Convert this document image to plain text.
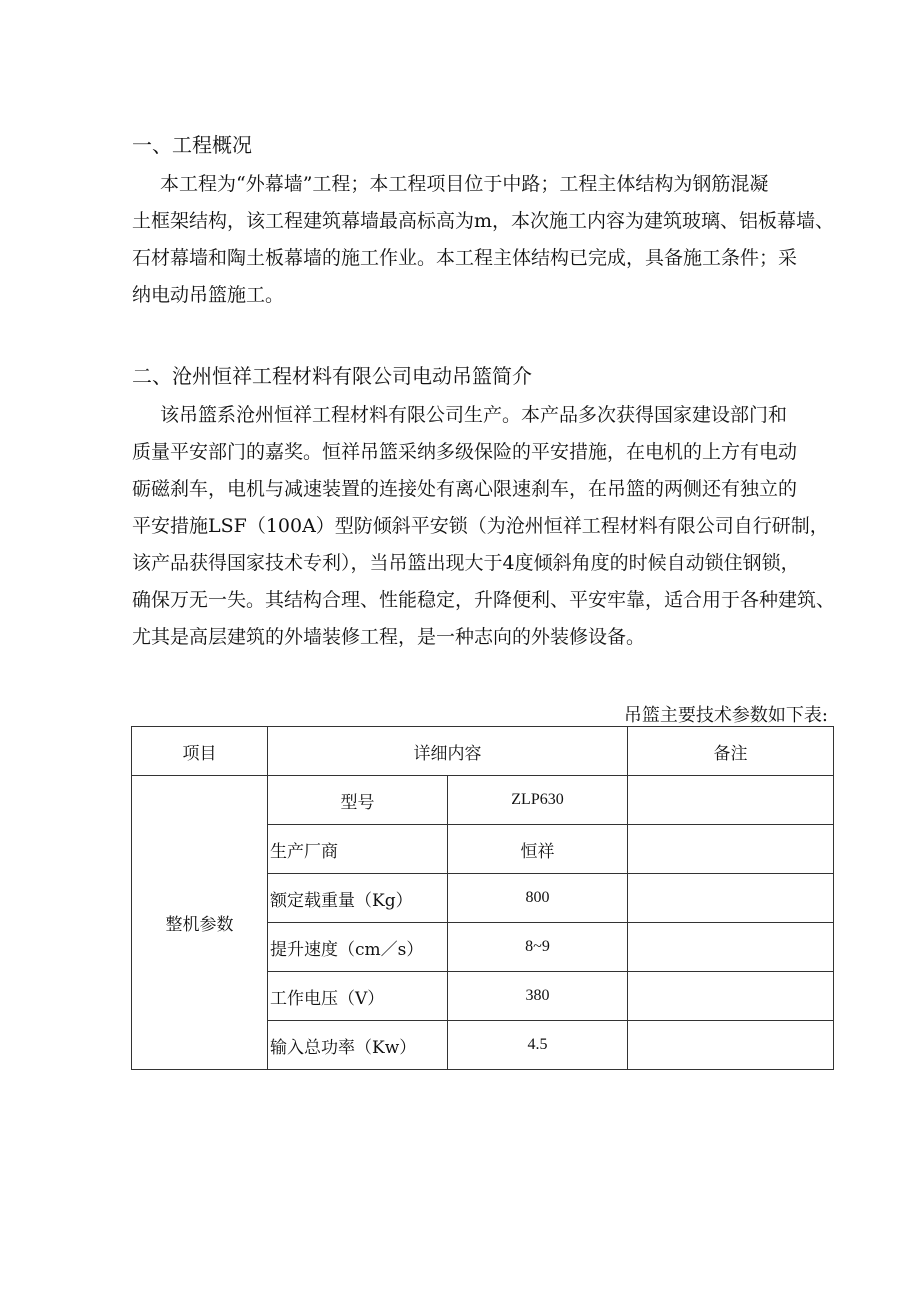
一、工程概况
本工程为“外幕墙”工程；本工程项目位于中路；工程主体结构为钢筋混凝
土框架结构，该工程建筑幕墙最高标高为m，本次施工内容为建筑玻璃、铝板幕墙、
石材幕墙和陶土板幕墙的施工作业。本工程主体结构已完成，具备施工条件；采
纳电动吊篮施工。
二、沧州恒祥工程材料有限公司电动吊篮简介
该吊篮系沧州恒祥工程材料有限公司生产。本产品多次获得国家建设部门和
质量平安部门的嘉奖。恒祥吊篮采纳多级保险的平安措施，在电机的上方有电动
砺磁刹车，电机与减速装置的连接处有离心限速刹车，在吊篮的两侧还有独立的
平安措施LSF（100A）型防倾斜平安锁（为沧州恒祥工程材料有限公司自行研制，
该产品获得国家技术专利），当吊篮出现大于4度倾斜角度的时候自动锁住钢锁，
确保万无一失。其结构合理、性能稳定，升降便利、平安牢靠，适合用于各种建筑、
尤其是高层建筑的外墙装修工程，是一种志向的外装修设备。
吊篮主要技术参数如下表:
项目	详细内容		备注
整机参数	型号	ZLP630	
	生产厂商	恒祥	
	额定载重量（Kg）	800	
	提升速度（cm／s）	8~9	
	工作电压（V）	380	
	输入总功率（Kw）	4.5	
